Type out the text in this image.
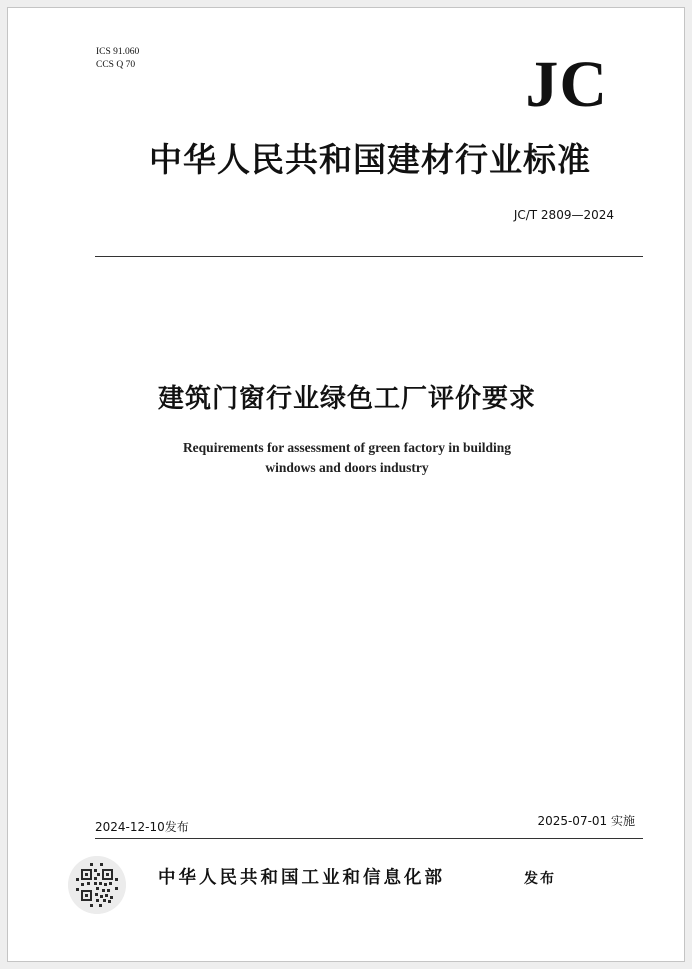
ICS 91.060
CCS Q 70	JC
中华人民共和国建材行业标准
JC/T 2809—2024
建筑门窗行业绿色工厂评价要求
Requirements for assessment of green factory in building
windows and doors industry
2024-12-10发布	2025-07-01 实施
中华人民共和国工业和信息化部	发布
